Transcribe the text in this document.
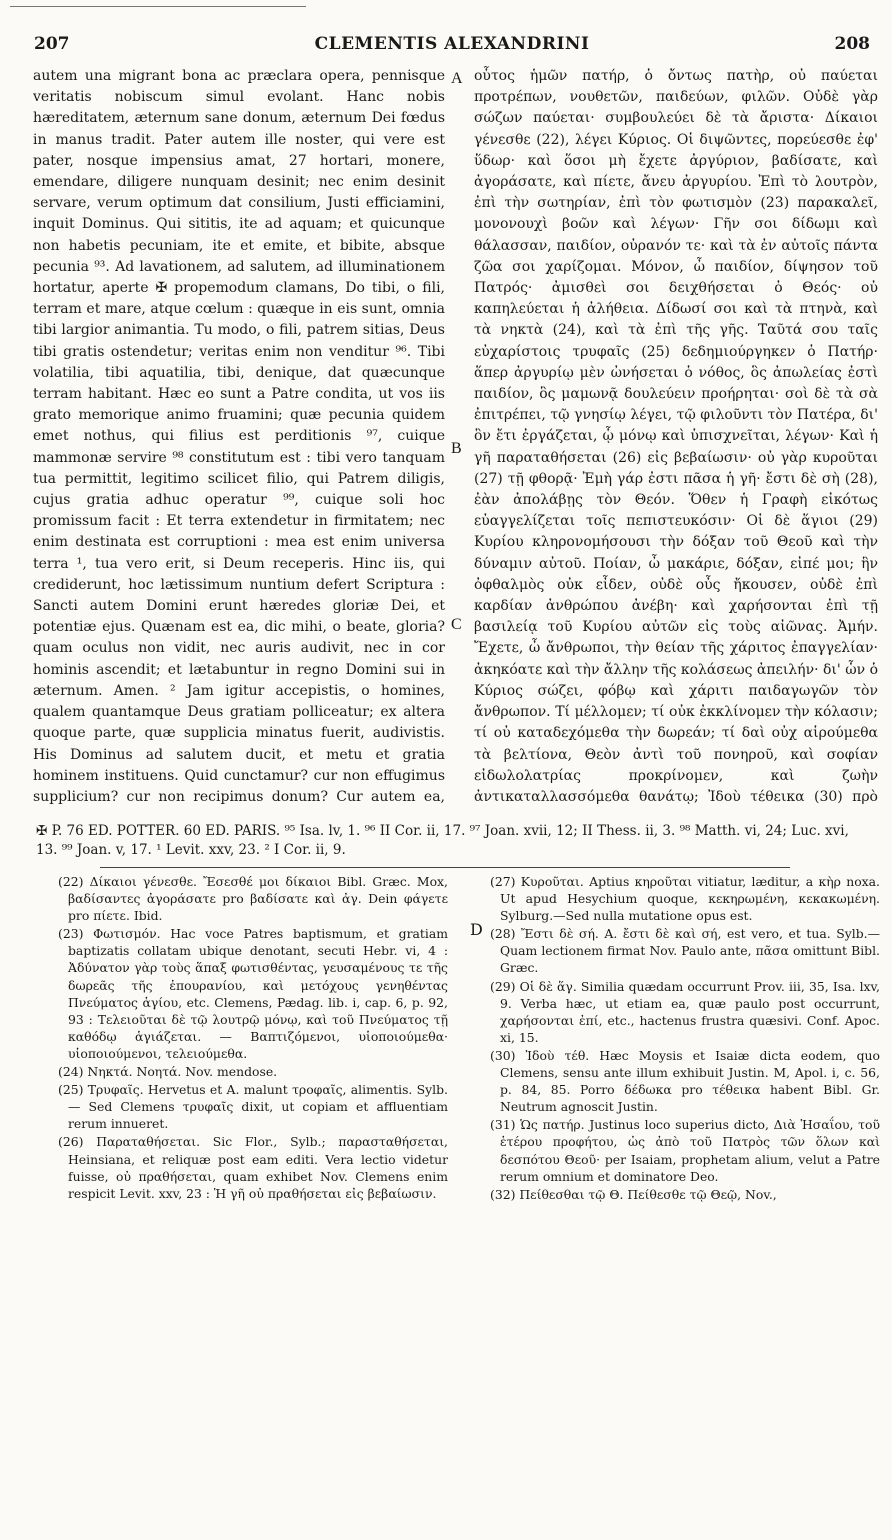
207	CLEMENTIS ALEXANDRINI	208

autem una migrant bona ac præclara opera, pennisque veritatis nobiscum simul evolant. Hanc nobis hæreditatem, æternum sane donum, æternum Dei fœdus in manus tradit. Pater autem ille noster, qui vere est pater, nosque impensius amat, 27 hortari, monere, emendare, diligere nunquam desinit; nec enim desinit servare, verum optimum dat consilium, Justi efficiamini, inquit Dominus. Qui sititis, ite ad aquam; et quicunque non habetis pecuniam, ite et emite, et bibite, absque pecunia ⁹³. Ad lavationem, ad salutem, ad illuminationem hortatur, aperte ✠ propemodum clamans, Do tibi, o fili, terram et mare, atque cœlum : quæque in eis sunt, omnia tibi largior animantia. Tu modo, o fili, patrem sitias, Deus tibi gratis ostendetur; veritas enim non venditur ⁹⁶. Tibi volatilia, tibi aquatilia, tibi, denique, dat quæcunque terram habitant. Hæc eo sunt a Patre condita, ut vos iis grato memorique animo fruamini; quæ pecunia quidem emet nothus, qui filius est perditionis ⁹⁷, cuique mammonæ servire ⁹⁸ constitutum est : tibi vero tanquam tua permittit, legitimo scilicet filio, qui Patrem diligis, cujus gratia adhuc operatur ⁹⁹, cuique soli hoc promissum facit : Et terra extendetur in firmitatem; nec enim destinata est corruptioni : mea est enim universa terra ¹, tua vero erit, si Deum receperis. Hinc iis, qui crediderunt, hoc lætissimum nuntium defert Scriptura : Sancti autem Domini erunt hæredes gloriæ Dei, et potentiæ ejus. Quænam est ea, dic mihi, o beate, gloria? quam oculus non vidit, nec auris audivit, nec in cor hominis ascendit; et lætabuntur in regno Domini sui in æternum. Amen. ² Jam igitur accepistis, o homines, qualem quantamque Deus gratiam polliceatur; ex altera quoque parte, quæ supplicia minatus fuerit, audivistis. His Dominus ad salutem ducit, et metu et gratia hominem instituens. Quid cunctamur? cur non effugimus supplicium? cur non recipimus donum? Cur autem ea,

A
B
C

οὗτος ἡμῶν πατήρ, ὁ ὄντως πατὴρ, οὐ παύεται προτρέπων, νουθετῶν, παιδεύων, φιλῶν. Οὐδὲ γὰρ σώζων παύεται· συμβουλεύει δὲ τὰ ἄριστα· Δίκαιοι γένεσθε (22), λέγει Κύριος. Οἱ διψῶντες, πορεύεσθε ἐφ' ὕδωρ· καὶ ὅσοι μὴ ἔχετε ἀργύριον, βαδίσατε, καὶ ἀγοράσατε, καὶ πίετε, ἄνευ ἀργυρίου. Ἐπὶ τὸ λουτρὸν, ἐπὶ τὴν σωτηρίαν, ἐπὶ τὸν φωτισμὸν (23) παρακαλεῖ, μονονουχὶ βοῶν καὶ λέγων· Γῆν σοι δίδωμι καὶ θάλασσαν, παιδίον, οὐρανόν τε· καὶ τὰ ἐν αὐτοῖς πάντα ζῶα σοι χαρίζομαι. Μόνον, ὦ παιδίον, δίψησον τοῦ Πατρός· ἀμισθεὶ σοι δειχθήσεται ὁ Θεός· οὐ καπηλεύεται ἡ ἀλήθεια. Δίδωσί σοι καὶ τὰ πτηνὰ, καὶ τὰ νηκτὰ (24), καὶ τὰ ἐπὶ τῆς γῆς. Ταῦτά σου ταῖς εὐχαρίστοις τρυφαῖς (25) δεδημιούργηκεν ὁ Πατήρ· ἅπερ ἀργυρίῳ μὲν ὠνήσεται ὁ νόθος, ὃς ἀπωλείας ἐστὶ παιδίον, ὃς μαμωνᾷ δουλεύειν προήρηται· σοὶ δὲ τὰ σὰ ἐπιτρέπει, τῷ γνησίῳ λέγει, τῷ φιλοῦντι τὸν Πατέρα, δι' ὃν ἔτι ἐργάζεται, ᾧ μόνῳ καὶ ὑπισχνεῖται, λέγων· Καὶ ἡ γῆ παραταθήσεται (26) εἰς βεβαίωσιν· οὐ γὰρ κυροῦται (27) τῇ φθορᾷ· Ἐμὴ γάρ ἐστι πᾶσα ἡ γῆ· ἔστι δὲ σὴ (28), ἐὰν ἀπολάβῃς τὸν Θεόν. Ὅθεν ἡ Γραφὴ εἰκότως εὐαγγελίζεται τοῖς πεπιστευκόσιν· Οἱ δὲ ἅγιοι (29) Κυρίου κληρονομήσουσι τὴν δόξαν τοῦ Θεοῦ καὶ τὴν δύναμιν αὐτοῦ. Ποίαν, ὦ μακάριε, δόξαν, εἰπέ μοι; ἣν ὀφθαλμὸς οὐκ εἶδεν, οὐδὲ οὖς ἤκουσεν, οὐδὲ ἐπὶ καρδίαν ἀνθρώπου ἀνέβη· καὶ χαρήσονται ἐπὶ τῇ βασιλείᾳ τοῦ Κυρίου αὐτῶν εἰς τοὺς αἰῶνας. Ἀμήν. Ἔχετε, ὦ ἄνθρωποι, τὴν θείαν τῆς χάριτος ἐπαγγελίαν· ἀκηκόατε καὶ τὴν ἄλλην τῆς κολάσεως ἀπειλήν· δι' ὧν ὁ Κύριος σώζει, φόβῳ καὶ χάριτι παιδαγωγῶν τὸν ἄνθρωπον. Τί μέλλομεν; τί οὐκ ἐκκλίνομεν τὴν κόλασιν; τί οὐ καταδεχόμεθα τὴν δωρεάν; τί δαὶ οὐχ αἱρούμεθα τὰ βελτίονα, Θεὸν ἀντὶ τοῦ πονηροῦ, καὶ σοφίαν εἰδωλολατρίας προκρίνομεν, καὶ ζωὴν ἀντικαταλλασσόμεθα θανάτῳ; Ἰδοὺ τέθεικα (30) πρὸ

✠ P. 76 ED. POTTER. 60 ED. PARIS. ⁹⁵ Isa. lv, 1. ⁹⁶ II Cor. ii, 17. ⁹⁷ Joan. xvii, 12; II Thess. ii, 3. ⁹⁸ Matth. vi, 24; Luc. xvi, 13. ⁹⁹ Joan. v, 17. ¹ Levit. xxv, 23. ² I Cor. ii, 9.

(22) Δίκαιοι γένεσθε. Ἔσεσθέ μοι δίκαιοι Bibl. Græc. Mox, βαδίσαντες ἀγοράσατε pro βαδίσατε καὶ ἀγ. Dein φάγετε pro πίετε. Ibid.

(23) Φωτισμόν. Hac voce Patres baptismum, et gratiam baptizatis collatam ubique denotant, secuti Hebr. vi, 4 : Ἀδύνατον γὰρ τοὺς ἅπαξ φωτισθέντας, γευσαμένους τε τῆς δωρεᾶς τῆς ἐπουρανίου, καὶ μετόχους γενηθέντας Πνεύματος ἁγίου, etc. Clemens, Pædag. lib. i, cap. 6, p. 92, 93 : Τελειοῦται δὲ τῷ λουτρῷ μόνῳ, καὶ τοῦ Πνεύματος τῇ καθόδῳ ἁγιάζεται. — Βαπτιζόμενοι, υἱοποιούμεθα· υἱοποιούμενοι, τελειούμεθα.

(24) Νηκτά. Νοητά. Nov. mendose.

(25) Τρυφαῖς. Hervetus et A. malunt τροφαῖς, alimentis. Sylb. — Sed Clemens τρυφαῖς dixit, ut copiam et affluentiam rerum innueret.

(26) Παραταθήσεται. Sic Flor., Sylb.; παρασταθήσεται, Heinsiana, et reliquæ post eam editi. Vera lectio videtur fuisse, οὐ πραθήσεται, quam exhibet Nov. Clemens enim respicit Levit. xxv, 23 : Ἡ γῆ οὐ πραθήσεται εἰς βεβαίωσιν.

D

(27) Κυροῦται. Aptius κηροῦται vitiatur, læditur, a κὴρ noxa. Ut apud Hesychium quoque, κεκηρωμένη, κεκακωμένη. Sylburg.—Sed nulla mutatione opus est.

(28) Ἔστι δὲ σή. A. ἔστι δὲ καὶ σή, est vero, et tua. Sylb.—Quam lectionem firmat Nov. Paulo ante, πᾶσα omittunt Bibl. Græc.

(29) Οἱ δὲ ἅγ. Similia quædam occurrunt Prov. iii, 35, Isa. lxv, 9. Verba hæc, ut etiam ea, quæ paulo post occurrunt, χαρήσονται ἐπί, etc., hactenus frustra quæsivi. Conf. Apoc. xi, 15.

(30) Ἰδοὺ τέθ. Hæc Moysis et Isaiæ dicta eodem, quo Clemens, sensu ante illum exhibuit Justin. M, Apol. i, c. 56, p. 84, 85. Porro δέδωκα pro τέθεικα habent Bibl. Gr. Neutrum agnoscit Justin.

(31) Ὡς πατήρ. Justinus loco superius dicto, Διὰ Ἡσαΐου, τοῦ ἑτέρου προφήτου, ὡς ἀπὸ τοῦ Πατρὸς τῶν ὅλων καὶ δεσπότου Θεοῦ· per Isaiam, prophetam alium, velut a Patre rerum omnium et dominatore Deo.

(32) Πείθεσθαι τῷ Θ. Πείθεσθε τῷ Θεῷ, Nov.,
